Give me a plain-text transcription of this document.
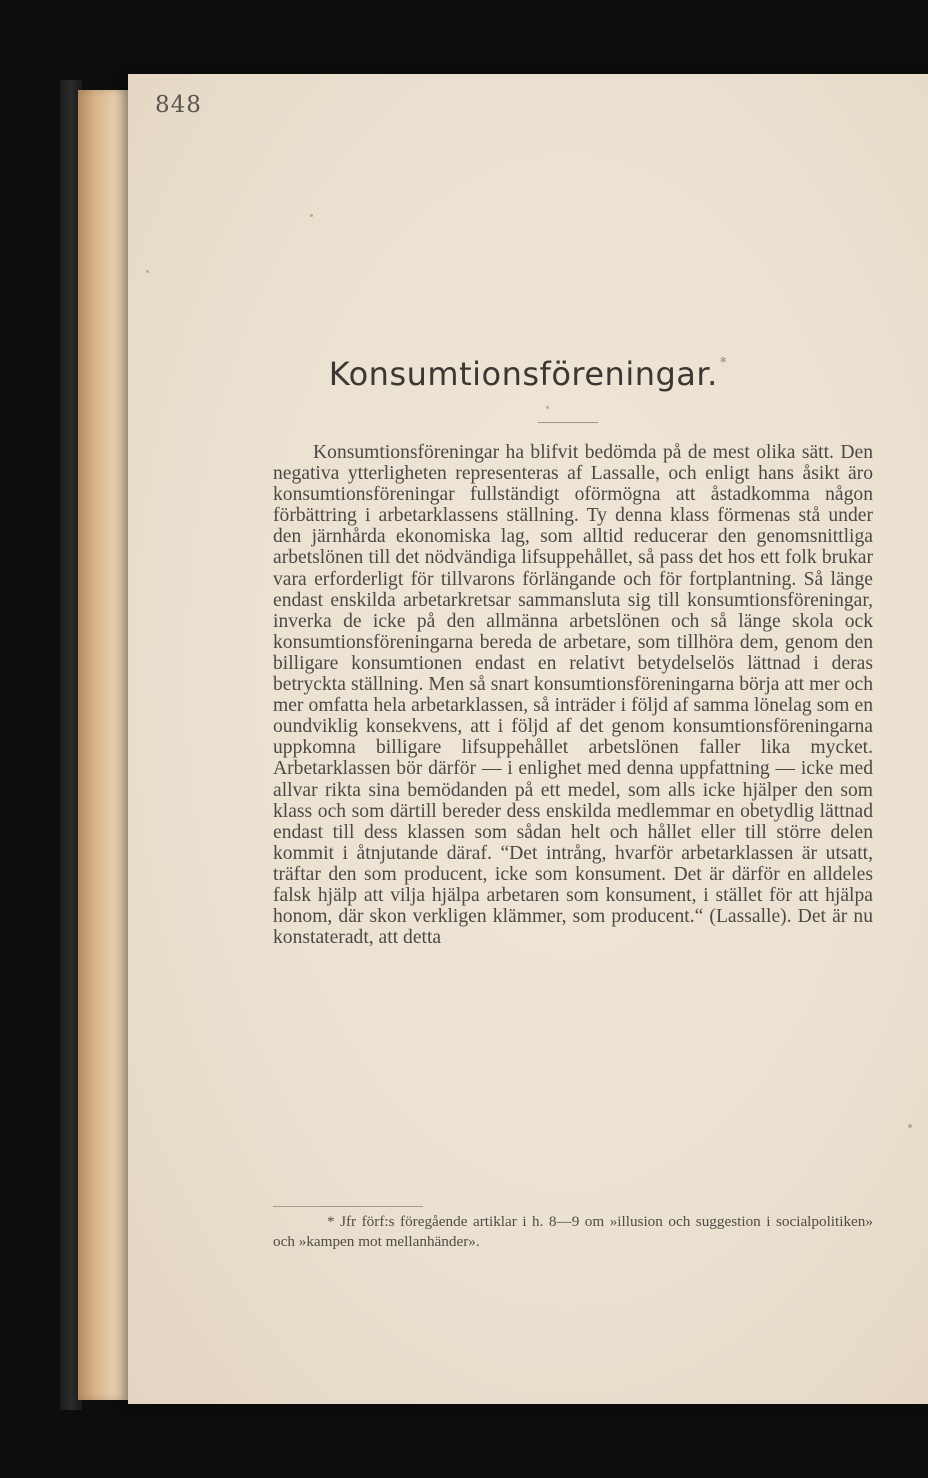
848
Konsumtionsföreningar. *

Konsumtionsföreningar ha blifvit bedömda på de mest olika sätt. Den negativa ytterligheten representeras af Lassalle, och enligt hans åsikt äro konsumtionsföreningar fullständigt oförmögna att åstadkomma någon förbättring i arbetarklassens ställning. Ty denna klass förmenas stå under den järnhårda ekonomiska lag, som alltid reducerar den genomsnittliga arbetslönen till det nödvändiga lifsuppehållet, så pass det hos ett folk brukar vara erforderligt för tillvarons förlängande och för fortplantning. Så länge endast enskilda arbetarkretsar sammansluta sig till konsumtionsföreningar, inverka de icke på den allmänna arbetslönen och så länge skola ock konsumtionsföreningarna bereda de arbetare, som tillhöra dem, genom den billigare konsumtionen endast en relativt betydelselös lättnad i deras betryckta ställning. Men så snart konsumtionsföreningarna börja att mer och mer omfatta hela arbetarklassen, så inträder i följd af samma lönelag som en oundviklig konsekvens, att i följd af det genom konsumtionsföreningarna uppkomna billigare lifsuppehållet arbetslönen faller lika mycket. Arbetarklassen bör därför — i enlighet med denna uppfattning — icke med allvar rikta sina bemödanden på ett medel, som alls icke hjälper den som klass och som därtill bereder dess enskilda medlemmar en obetydlig lättnad endast till dess klassen som sådan helt och hållet eller till större delen kommit i åtnjutande däraf. “Det intrång, hvarför arbetarklassen är utsatt, träftar den som producent, icke som konsument. Det är därför en alldeles falsk hjälp att vilja hjälpa arbetaren som konsument, i stället för att hjälpa honom, där skon verkligen klämmer, som producent.“ (Lassalle). Det är nu konstateradt, att detta

* Jfr förf:s föregående artiklar i h. 8—9 om »illusion och suggestion i socialpolitiken» och »kampen mot mellanhänder».
